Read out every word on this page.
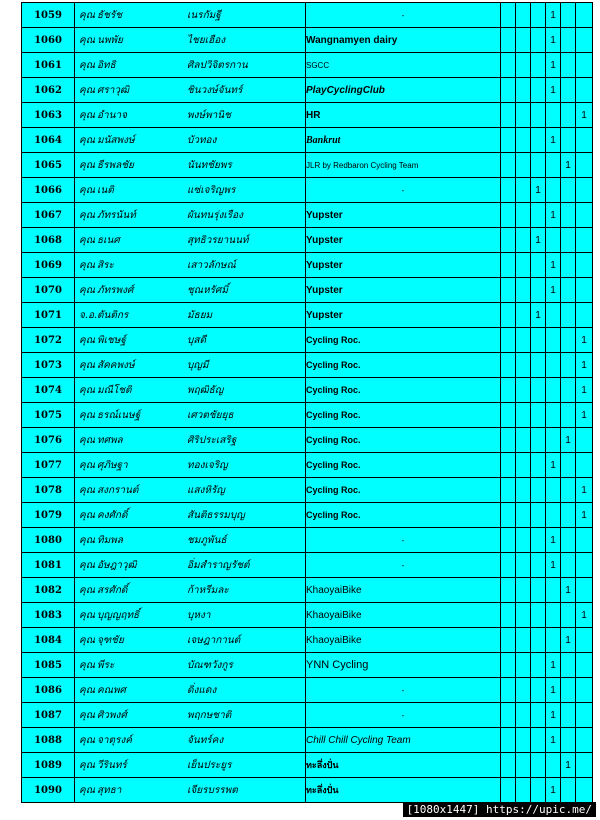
1059	คุณ ธัชรัช เนรกัมฐี	-				1		
1060	คุณ นพพัย ไชยเฮือง	Wangnamyen dairy				1		
1061	คุณ อิทธิ ศิลปวิจิตรกาน	SGCC				1		
1062	คุณ ศราวุฒิ ชินวงษ์จันทร์	PlayCyclingClub				1		
1063	คุณ อำนาจ พงษ์พานิช	HR						1
1064	คุณ มนัสพงษ์ บัวทอง	Bankrut				1		
1065	คุณ ธีรพลชัย นันทชัยพร	JLR by Redbaron Cycling Team					1	
1066	คุณ เนติ แซ่เจริญพร	-			1			
1067	คุณ ภัทรนันท์ ผันทนรุ่งเรือง	Yupster				1		
1068	คุณ ธเนศ สุทธิวรยานนท์	Yupster			1			
1069	คุณ สิระ เสาวลักษณ์	Yupster				1		
1070	คุณ ภัทรพงศ์ ชุณหรัศมิ์	Yupster				1		
1071	จ.อ.ตันติกร มัธยม	Yupster			1			
1072	คุณ พิเชษฐ์ บุสดี	Cycling Roc.						1
1073	คุณ สัคคพงษ์ บุญมี	Cycling Roc.						1
1074	คุณ มณีโชติ พฤฒิธัญ	Cycling Roc.						1
1075	คุณ ธรณ์เนษฐ์ เศวตชัยยุธ	Cycling Roc.						1
1076	คุณ ทศพล ศิริประเสริฐ	Cycling Roc.					1	
1077	คุณ ศุภิษฐา ทองเจริญ	Cycling Roc.				1		
1078	คุณ สงกรานต์ แสงหิรัญ	Cycling Roc.						1
1079	คุณ คงศักดิ์ สันติธรรมบุญ	Cycling Roc.						1
1080	คุณ ทิมพล ชมภูพันธ์	-				1		
1081	คุณ อัษฎาวุฒิ อิ่มสำราญรัชต์	-				1		
1082	คุณ สรศักดิ์ ก้าหรีมละ	KhaoyaiBike					1	
1083	คุณ บุญญฤทธิ์ บุหงา	KhaoyaiBike						1
1084	คุณ จุฑชัย เจษฎากานต์	KhaoyaiBike					1	
1085	คุณ พีระ บัณฑวังกูร	YNN Cycling				1		
1086	คุณ คณพศ ดิ่งแดง	-				1		
1087	คุณ ศิวพงศ์ พฤกษชาติ	-				1		
1088	คุณ จาตุรงค์ จันทร์คง	Chill Chill Cycling Team				1		
1089	คุณ วีรินทร์ เย็นประยูร	ทะลึ่งปั่น					1	
1090	คุณ สุทธา เจียรบรรพต	ทะลึ่งปั่น				1		
[1080x1447] https://upic.me/
